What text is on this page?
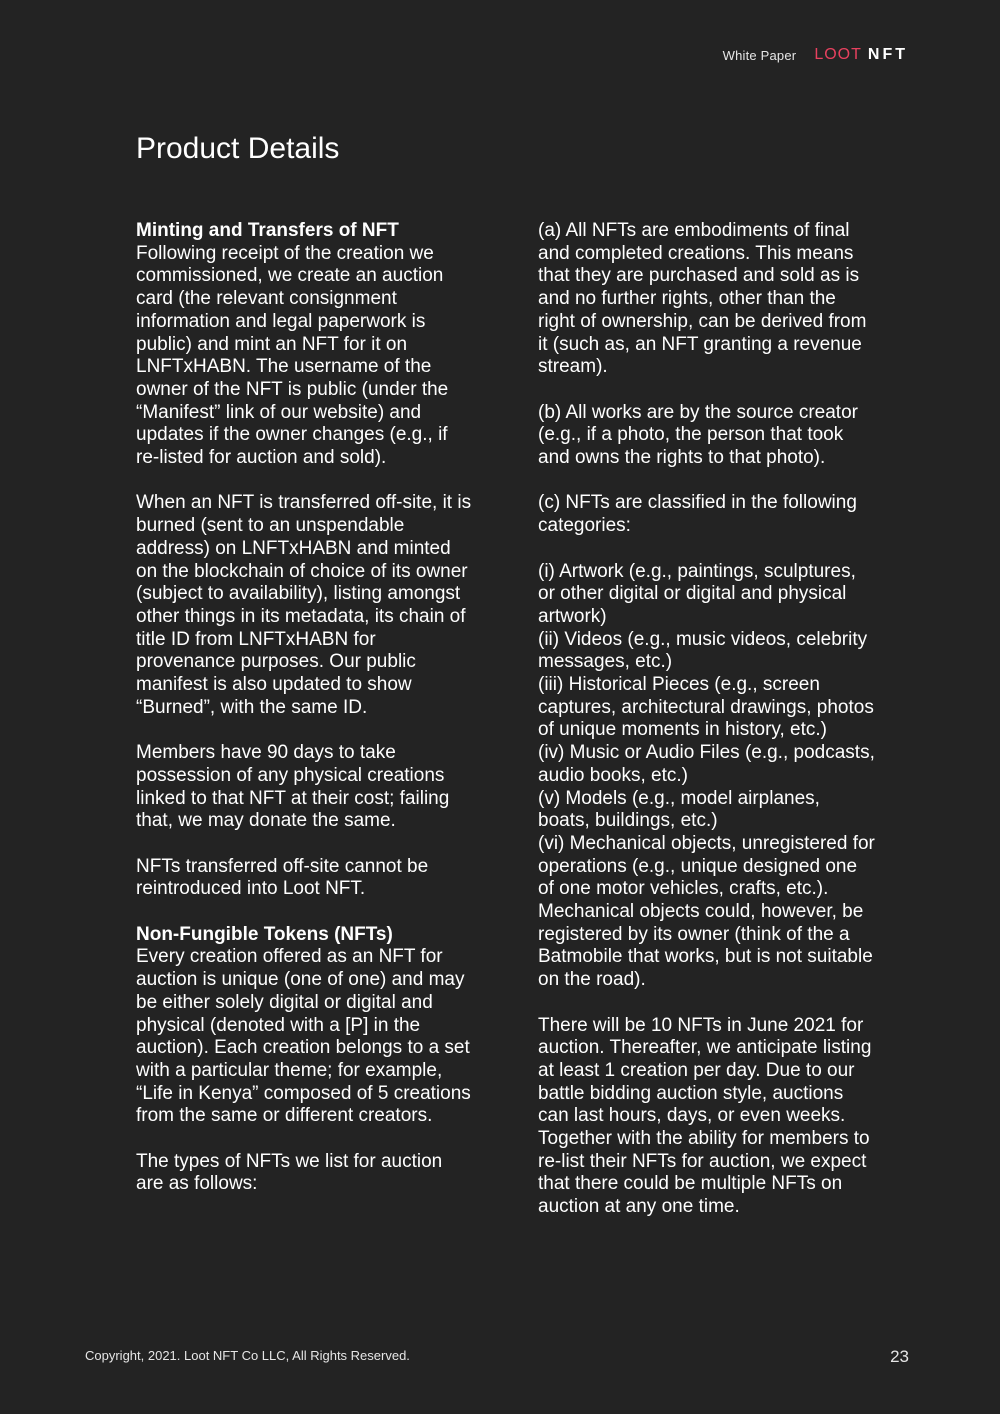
White Paper LOOT NFT
Product Details

Minting and Transfers of NFT
Following receipt of the creation we commissioned, we create an auction card (the relevant consignment information and legal paperwork is public) and mint an NFT for it on LNFTxHABN. The username of the owner of the NFT is public (under the “Manifest” link of our website) and updates if the owner changes (e.g., if re-listed for auction and sold).

When an NFT is transferred off-site, it is burned (sent to an unspendable address) on LNFTxHABN and minted on the blockchain of choice of its owner (subject to availability), listing amongst other things in its metadata, its chain of title ID from LNFTxHABN for provenance purposes. Our public manifest is also updated to show “Burned”, with the same ID.

Members have 90 days to take possession of any physical creations linked to that NFT at their cost; failing that, we may donate the same.

NFTs transferred off-site cannot be reintroduced into Loot NFT.

Non-Fungible Tokens (NFTs)
Every creation offered as an NFT for auction is unique (one of one) and may be either solely digital or digital and physical (denoted with a [P] in the auction). Each creation belongs to a set with a particular theme; for example, “Life in Kenya” composed of 5 creations from the same or different creators.

The types of NFTs we list for auction are as follows:

(a) All NFTs are embodiments of final and completed creations. This means that they are purchased and sold as is and no further rights, other than the right of ownership, can be derived from it (such as, an NFT granting a revenue stream).

(b) All works are by the source creator (e.g., if a photo, the person that took and owns the rights to that photo).

(c) NFTs are classified in the following categories:

(i) Artwork (e.g., paintings, sculptures, or other digital or digital and physical artwork)

(ii) Videos (e.g., music videos, celebrity messages, etc.)

(iii) Historical Pieces (e.g., screen captures, architectural drawings, photos of unique moments in history, etc.)

(iv) Music or Audio Files (e.g., podcasts, audio books, etc.)

(v) Models (e.g., model airplanes, boats, buildings, etc.)

(vi) Mechanical objects, unregistered for operations (e.g., unique designed one of one motor vehicles, crafts, etc.). Mechanical objects could, however, be registered by its owner (think of the a Batmobile that works, but is not suitable on the road).

There will be 10 NFTs in June 2021 for auction. Thereafter, we anticipate listing at least 1 creation per day. Due to our battle bidding auction style, auctions can last hours, days, or even weeks. Together with the ability for members to re-list their NFTs for auction, we expect that there could be multiple NFTs on auction at any one time.

Copyright, 2021. Loot NFT Co LLC, All Rights Reserved.	23
